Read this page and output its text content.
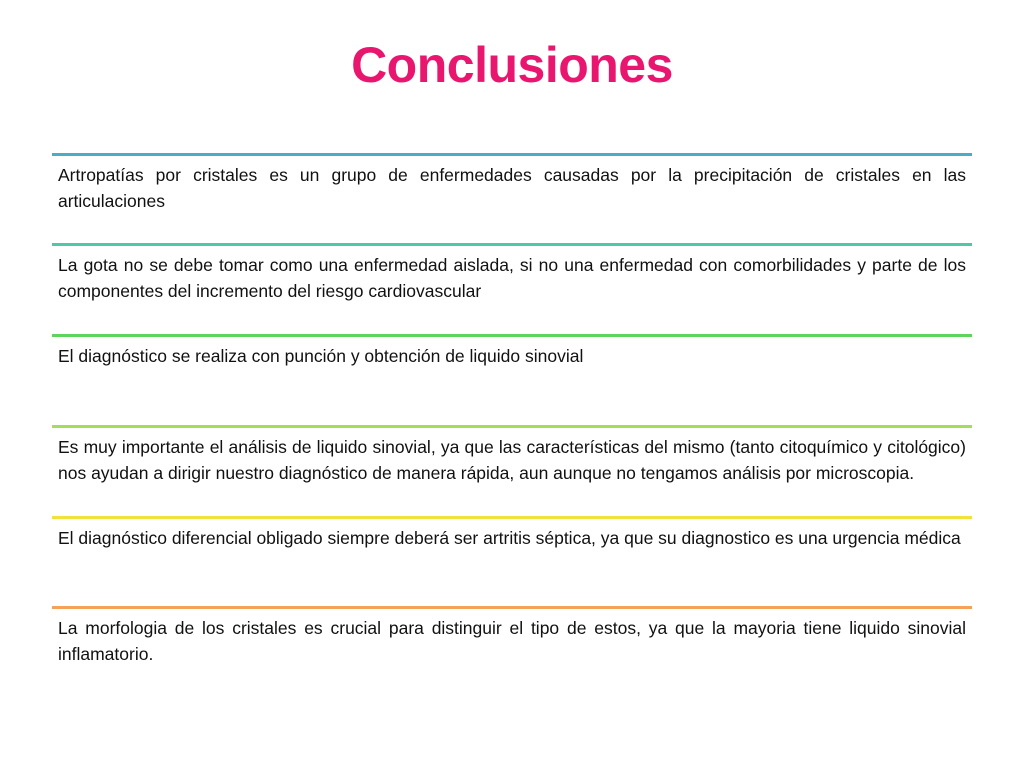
Conclusiones

Artropatías por cristales es un grupo de enfermedades causadas por la precipitación de cristales en las articulaciones

La gota no se debe tomar como una enfermedad aislada, si no una enfermedad con comorbilidades y parte de los componentes del incremento del riesgo cardiovascular

El diagnóstico se realiza con punción y obtención de liquido sinovial

Es muy importante el análisis de liquido sinovial, ya que las características del mismo (tanto citoquímico y citológico) nos ayudan a dirigir nuestro diagnóstico de manera rápida, aun aunque no tengamos análisis por microscopia.

El diagnóstico diferencial obligado siempre deberá ser artritis séptica, ya que su diagnostico es una urgencia médica

La morfologia de los cristales es crucial para distinguir el tipo de estos, ya que la mayoria tiene liquido sinovial inflamatorio.
